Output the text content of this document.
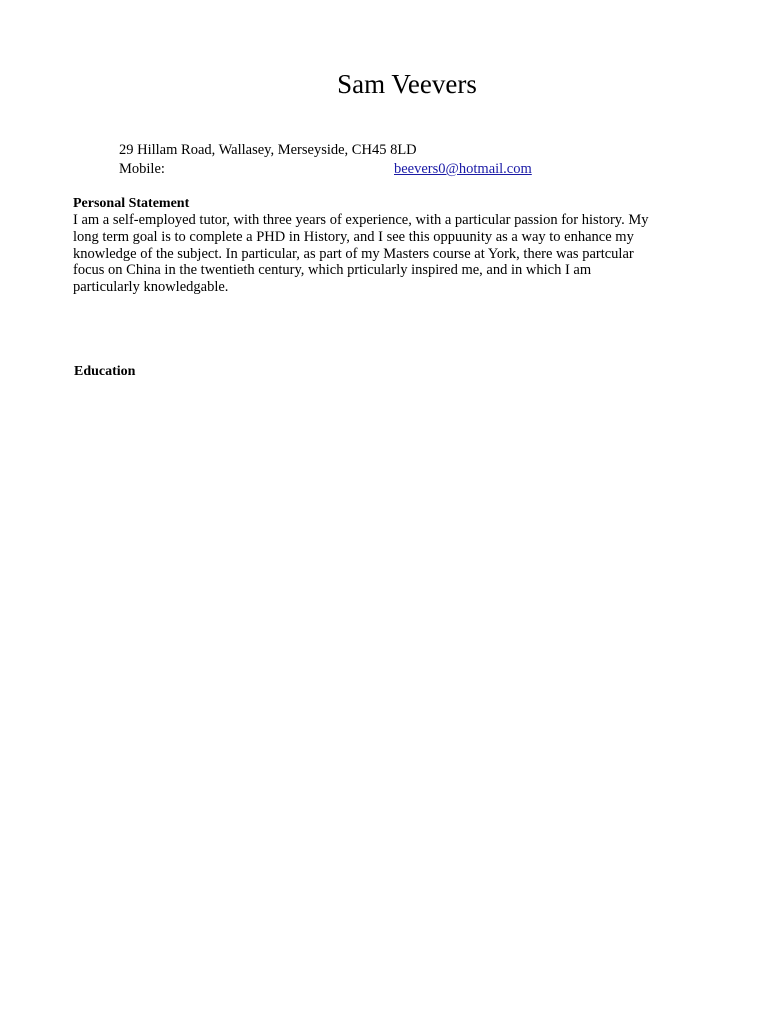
Sam Veevers
29 Hillam Road, Wallasey, Merseyside, CH45 8LD
Mobile:	beevers0@hotmail.com
Personal Statement
I am a self-employed tutor, with three years of experience, with a particular passion for history. My
long term goal is to complete a PHD in History, and I see this oppuunity as a way to enhance my
knowledge of the subject. In particular, as part of my Masters course at York, there was partcular
focus on China in the twentieth century, which prticularly inspired me, and in which I am
particularly knowledgable.
Education
